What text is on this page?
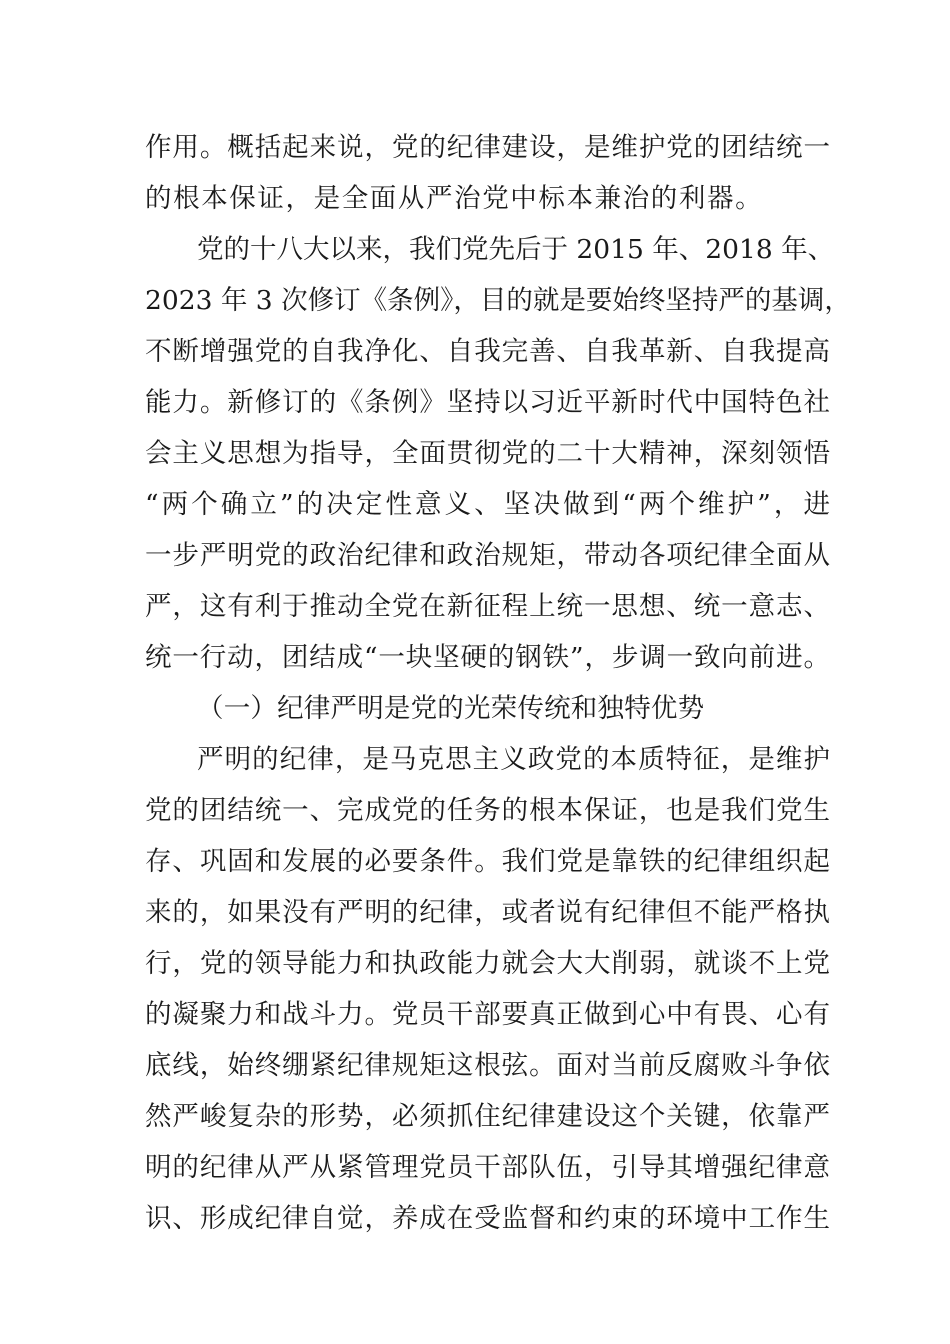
作用。概括起来说，党的纪律建设，是维护党的团结统一
的根本保证，是全面从严治党中标本兼治的利器。
党的十八大以来，我们党先后于 2015 年、2018 年、
2023 年 3 次修订《条例》，目的就是要始终坚持严的基调，
不断增强党的自我净化、自我完善、自我革新、自我提高
能力。新修订的《条例》坚持以习近平新时代中国特色社
会主义思想为指导，全面贯彻党的二十大精神，深刻领悟
“两个确立”的决定性意义、坚决做到“两个维护”，进
一步严明党的政治纪律和政治规矩，带动各项纪律全面从
严，这有利于推动全党在新征程上统一思想、统一意志、
统一行动，团结成“一块坚硬的钢铁”，步调一致向前进。
（一）纪律严明是党的光荣传统和独特优势
严明的纪律，是马克思主义政党的本质特征，是维护
党的团结统一、完成党的任务的根本保证，也是我们党生
存、巩固和发展的必要条件。我们党是靠铁的纪律组织起
来的，如果没有严明的纪律，或者说有纪律但不能严格执
行，党的领导能力和执政能力就会大大削弱，就谈不上党
的凝聚力和战斗力。党员干部要真正做到心中有畏、心有
底线，始终绷紧纪律规矩这根弦。面对当前反腐败斗争依
然严峻复杂的形势，必须抓住纪律建设这个关键，依靠严
明的纪律从严从紧管理党员干部队伍，引导其增强纪律意
识、形成纪律自觉，养成在受监督和约束的环境中工作生
